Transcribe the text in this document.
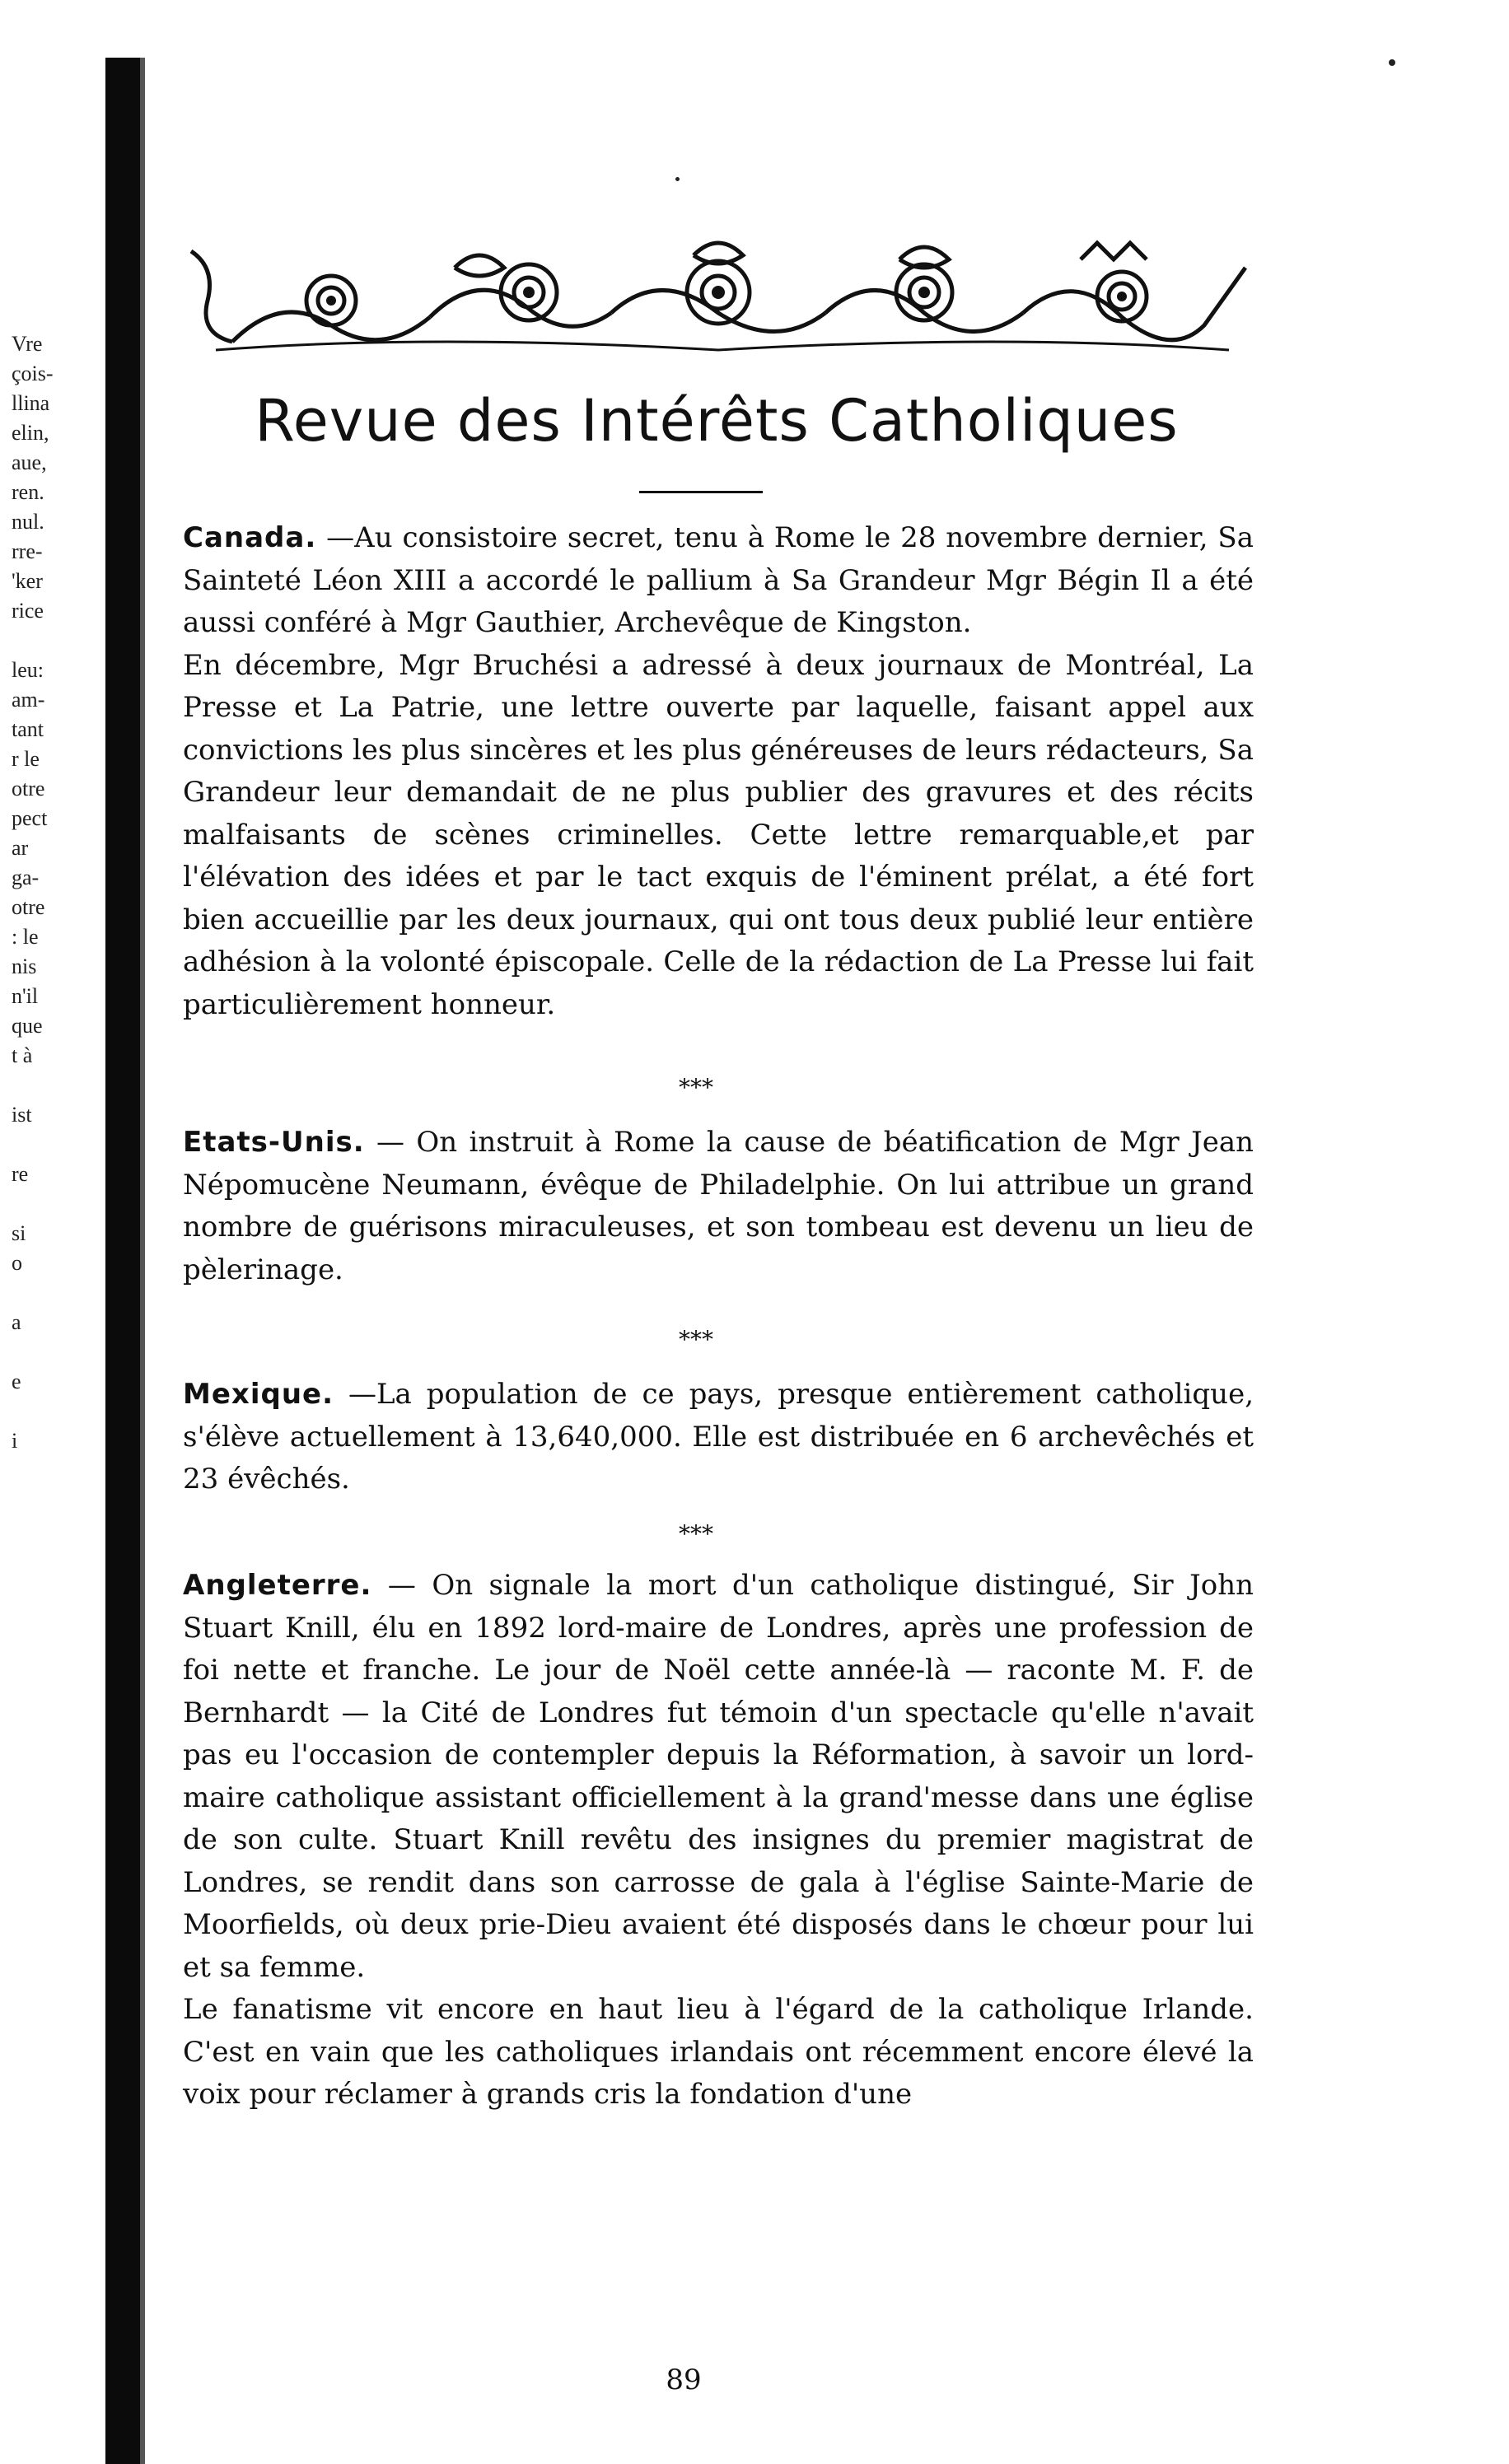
Vre
çois-
llina
elin,
aue,
ren.
nul.
rre-
'ker
rice
leu:
am-
tant
r le
otre
pect
ar
ga-
otre
: le
nis
n'il
que
t à
ist
re
si
o
a
e
i
Revue des Intérêts Catholiques

Canada. —Au consistoire secret, tenu à Rome le 28 novembre dernier, Sa Sainteté Léon XIII a accordé le pallium à Sa Grandeur Mgr Bégin Il a été aussi conféré à Mgr Gauthier, Archevêque de Kingston.

En décembre, Mgr Bruchési a adressé à deux journaux de Montréal, La Presse et La Patrie, une lettre ouverte par laquelle, faisant appel aux convictions les plus sincères et les plus généreuses de leurs rédacteurs, Sa Grandeur leur demandait de ne plus publier des gravures et des récits malfaisants de scènes criminelles. Cette lettre remarquable,et par l'élévation des idées et par le tact exquis de l'éminent prélat, a été fort bien accueillie par les deux journaux, qui ont tous deux publié leur entière adhésion à la volonté épiscopale. Celle de la rédaction de La Presse lui fait particulièrement honneur.

***

Etats-Unis. — On instruit à Rome la cause de béatification de Mgr Jean Népomucène Neumann, évêque de Philadelphie. On lui attribue un grand nombre de guérisons miraculeuses, et son tombeau est devenu un lieu de pèlerinage.

***

Mexique. —La population de ce pays, presque entièrement catholique, s'élève actuellement à 13,640,000. Elle est distribuée en 6 archevêchés et 23 évêchés.

***

Angleterre. — On signale la mort d'un catholique distingué, Sir John Stuart Knill, élu en 1892 lord-maire de Londres, après une profession de foi nette et franche. Le jour de Noël cette année-là — raconte M. F. de Bernhardt — la Cité de Londres fut témoin d'un spectacle qu'elle n'avait pas eu l'occasion de contempler depuis la Réformation, à savoir un lord-maire catholique assistant officiellement à la grand'messe dans une église de son culte. Stuart Knill revêtu des insignes du premier magistrat de Londres, se rendit dans son carrosse de gala à l'église Sainte-Marie de Moorfields, où deux prie-Dieu avaient été disposés dans le chœur pour lui et sa femme.

Le fanatisme vit encore en haut lieu à l'égard de la catholique Irlande. C'est en vain que les catholiques irlandais ont récemment encore élevé la voix pour réclamer à grands cris la fondation d'une

89
